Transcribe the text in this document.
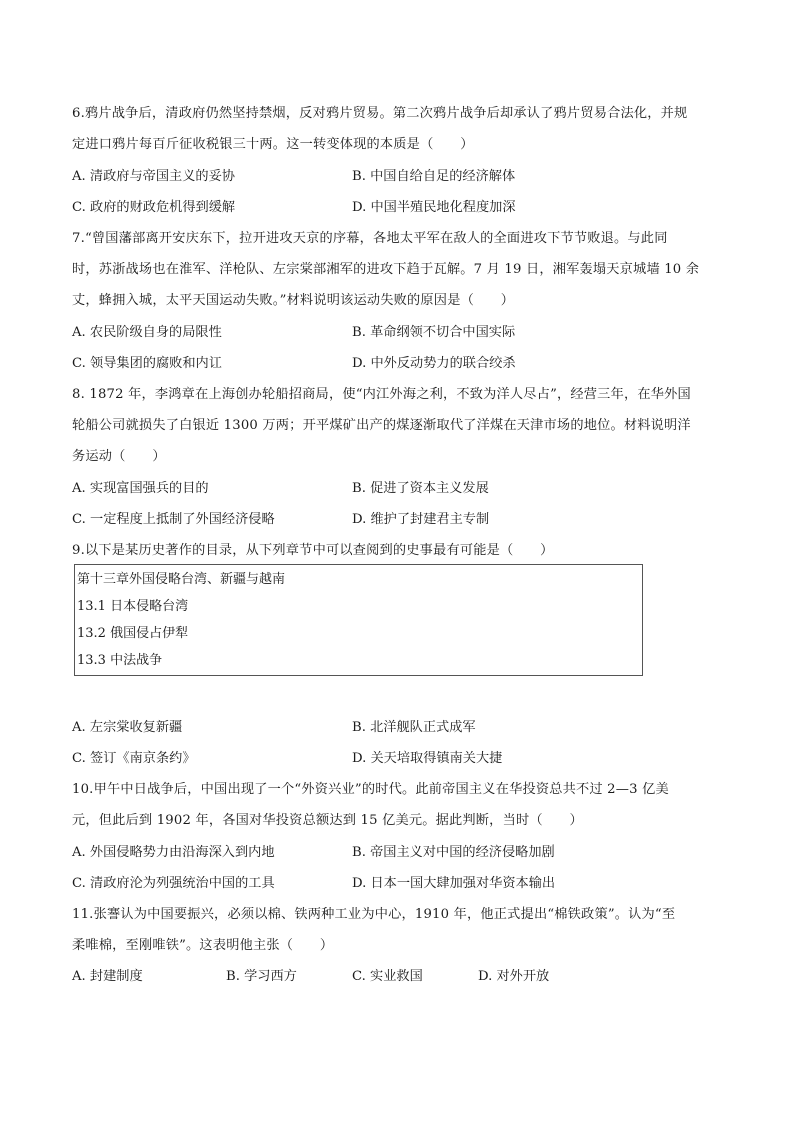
6.鸦片战争后，清政府仍然坚持禁烟，反对鸦片贸易。第二次鸦片战争后却承认了鸦片贸易合法化，并规
定进口鸦片每百斤征收税银三十两。这一转变体现的本质是（　　）
A. 清政府与帝国主义的妥协	B. 中国自给自足的经济解体
C. 政府的财政危机得到缓解	D. 中国半殖民地化程度加深
7.“曾国藩部离开安庆东下，拉开进攻天京的序幕，各地太平军在敌人的全面进攻下节节败退。与此同
时，苏浙战场也在淮军、洋枪队、左宗棠部湘军的进攻下趋于瓦解。7 月 19 日，湘军轰塌天京城墙 10 余
丈，蜂拥入城，太平天国运动失败。”材料说明该运动失败的原因是（　　）
A. 农民阶级自身的局限性	B. 革命纲领不切合中国实际
C. 领导集团的腐败和内讧	D. 中外反动势力的联合绞杀
8. 1872 年，李鸿章在上海创办轮船招商局，使“内江外海之利，不致为洋人尽占”，经营三年，在华外国
轮船公司就损失了白银近 1300 万两；开平煤矿出产的煤逐渐取代了洋煤在天津市场的地位。材料说明洋
务运动（　　）
A. 实现富国强兵的目的	B. 促进了资本主义发展
C. 一定程度上抵制了外国经济侵略	D. 维护了封建君主专制
9.以下是某历史著作的目录，从下列章节中可以查阅到的史事最有可能是（　　）
第十三章外国侵略台湾、新疆与越南
13.1 日本侵略台湾
13.2 俄国侵占伊犁
13.3 中法战争
A. 左宗棠收复新疆	B. 北洋舰队正式成军
C. 签订《南京条约》	D. 关天培取得镇南关大捷
10.甲午中日战争后，中国出现了一个“外资兴业”的时代。此前帝国主义在华投资总共不过 2—3 亿美
元，但此后到 1902 年，各国对华投资总额达到 15 亿美元。据此判断，当时（　　）
A. 外国侵略势力由沿海深入到内地	B. 帝国主义对中国的经济侵略加剧
C. 清政府沦为列强统治中国的工具	D. 日本一国大肆加强对华资本输出
11.张謇认为中国要振兴，必须以棉、铁两种工业为中心，1910 年，他正式提出“棉铁政策”。认为“至
柔唯棉，至刚唯铁”。这表明他主张（　　）
A. 封建制度	B. 学习西方	C. 实业救国	D. 对外开放
